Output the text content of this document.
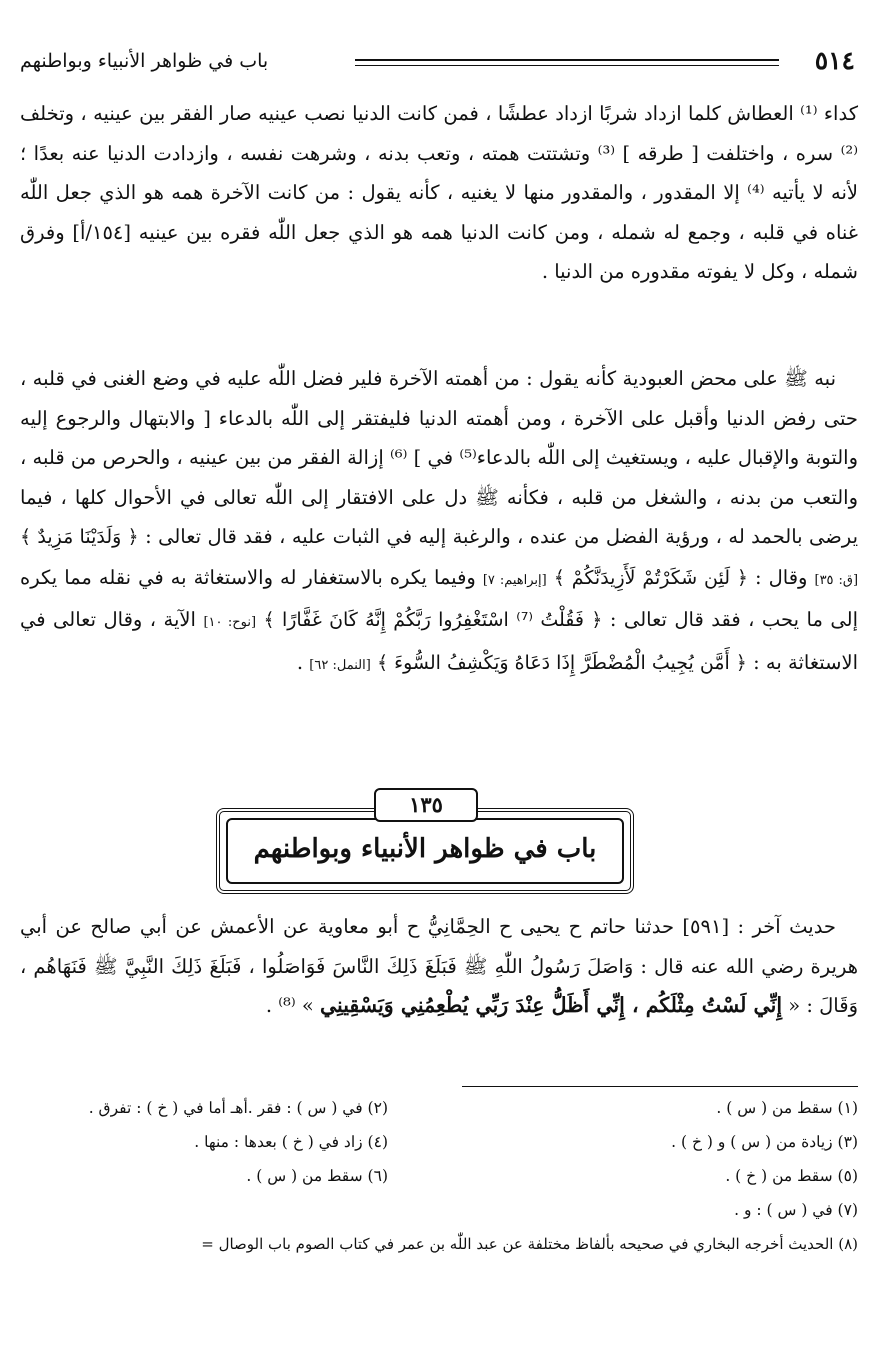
٥١٤
باب في ظواهر الأنبياء وبواطنهم

كداء ⁽¹⁾ العطاش كلما ازداد شربًا ازداد عطشًا ، فمن كانت الدنيا نصب عينيه صار الفقر بين عينيه ، وتخلف ⁽²⁾ سره ، واختلفت [ طرقه ] ⁽³⁾ وتشتتت همته ، وتعب بدنه ، وشرهت نفسه ، وازدادت الدنيا عنه بعدًا ؛ لأنه لا يأتيه ⁽⁴⁾ إلا المقدور ، والمقدور منها لا يغنيه ، كأنه يقول : من كانت الآخرة همه هو الذي جعل اللّٰه غناه في قلبه ، وجمع له شمله ، ومن كانت الدنيا همه هو الذي جعل اللّٰه فقره بين عينيه [١٥٤/أ] وفرق شمله ، وكل لا يفوته مقدوره من الدنيا .

نبه ﷺ على محض العبودية كأنه يقول : من أهمته الآخرة فلير فضل اللّٰه عليه في وضع الغنى في قلبه ، حتى رفض الدنيا وأقبل على الآخرة ، ومن أهمته الدنيا فليفتقر إلى اللّٰه بالدعاء [ والابتهال والرجوع إليه والتوبة والإقبال عليه ، ويستغيث إلى اللّٰه بالدعاء⁽⁵⁾ في ] ⁽⁶⁾ إزالة الفقر من بين عينيه ، والحرص من قلبه ، والتعب من بدنه ، والشغل من قلبه ، فكأنه ﷺ دل على الافتقار إلى اللّٰه تعالى في الأحوال كلها ، فيما يرضى بالحمد له ، ورؤية الفضل من عنده ، والرغبة إليه في الثبات عليه ، فقد قال تعالى : ﴿ وَلَدَيْنَا مَزِيدٌ ﴾ [ق: ٣٥] وقال : ﴿ لَئِن شَكَرْتُمْ لَأَزِيدَنَّكُمْ ﴾ [إبراهيم: ٧] وفيما يكره بالاستغفار له والاستغاثة به في نقله مما يكره إلى ما يحب ، فقد قال تعالى : ﴿ فَقُلْتُ ⁽⁷⁾ اسْتَغْفِرُوا رَبَّكُمْ إِنَّهُ كَانَ غَفَّارًا ﴾ [نوح: ١٠] الآية ، وقال تعالى في الاستغاثة به : ﴿ أَمَّن يُجِيبُ الْمُضْطَرَّ إِذَا دَعَاهُ وَيَكْشِفُ السُّوءَ ﴾ [النمل: ٦٢] .

١٣٥
باب في ظواهر الأنبياء وبواطنهم

حديث آخر : [٥٩١] حدثنا حاتم ح يحيى ح الحِمَّانِيُّ ح أبو معاوية عن الأعمش عن أبي صالح عن أبي هريرة رضي الله عنه قال : وَاصَلَ رَسُولُ اللّٰهِ ﷺ فَبَلَغَ ذَلِكَ النَّاسَ فَوَاصَلُوا ، فَبَلَغَ ذَلِكَ النَّبِيَّ ﷺ فَنَهَاهُم ، وَقَالَ : « إِنِّي لَسْتُ مِثْلَكُم ، إِنِّي أَظَلُّ عِنْدَ رَبِّي يُطْعِمُنِي وَيَسْقِينِي » ⁽⁸⁾ .

(١) سقط من ( س ) .
(٢) في ( س ) : فقر .أهـ أما في ( خ ) : تفرق .
(٣) زيادة من ( س ) و ( خ ) .
(٤) زاد في ( خ ) بعدها : منها .
(٥) سقط من ( خ ) .
(٦) سقط من ( س ) .
(٧) في ( س ) : و .
(٨) الحديث أخرجه البخاري في صحيحه بألفاظ مختلفة عن عبد اللّٰه بن عمر في كتاب الصوم باب الوصال =
